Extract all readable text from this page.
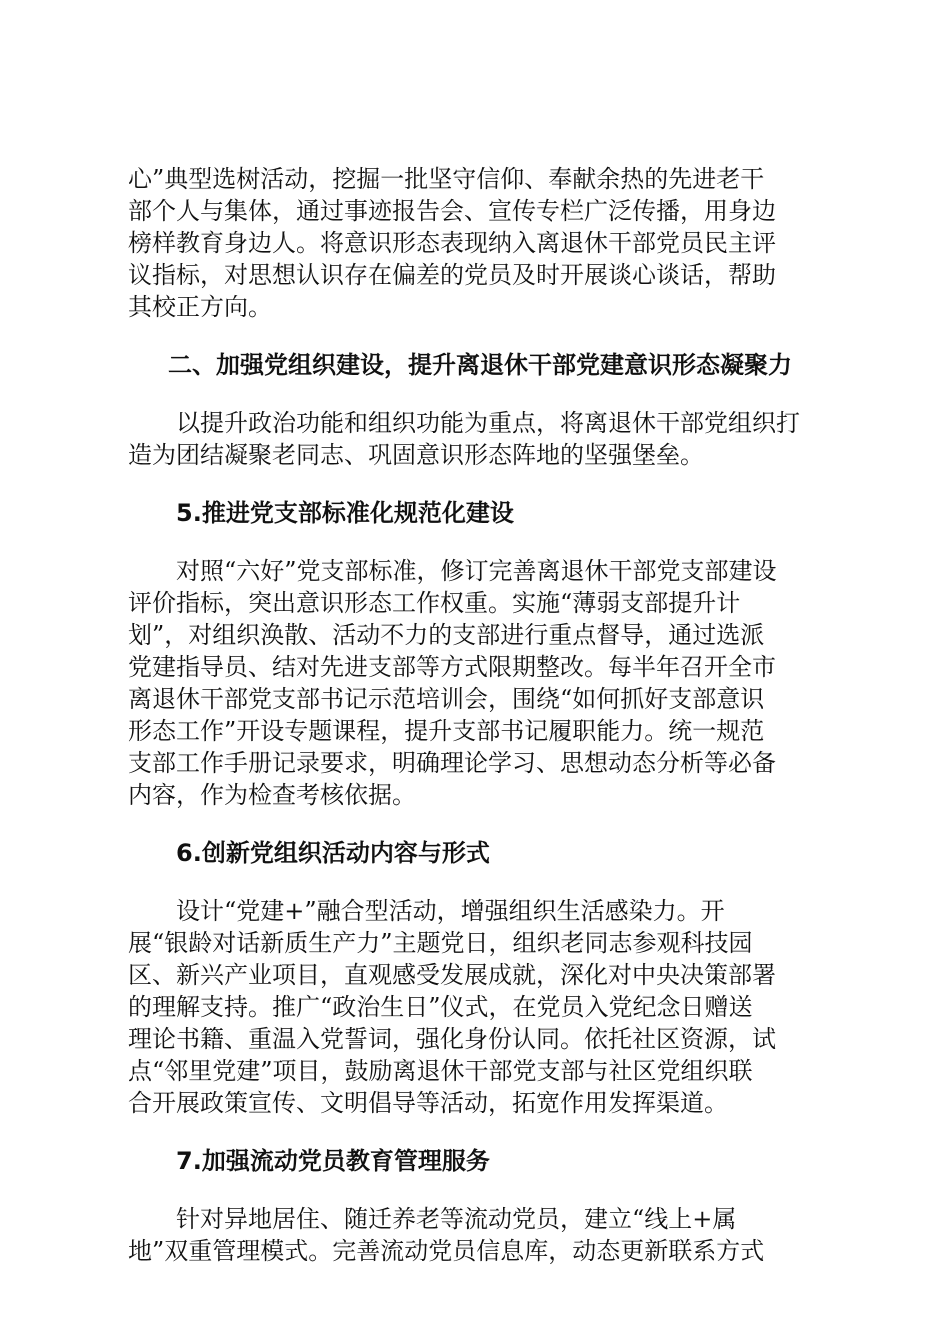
心”典型选树活动，挖掘一批坚守信仰、奉献余热的先进老干
部个人与集体，通过事迹报告会、宣传专栏广泛传播，用身边
榜样教育身边人。将意识形态表现纳入离退休干部党员民主评
议指标，对思想认识存在偏差的党员及时开展谈心谈话，帮助
其校正方向。

二、加强党组织建设，提升离退休干部党建意识形态凝聚力

以提升政治功能和组织功能为重点，将离退休干部党组织打
造为团结凝聚老同志、巩固意识形态阵地的坚强堡垒。

5.推进党支部标准化规范化建设

对照“六好”党支部标准，修订完善离退休干部党支部建设
评价指标，突出意识形态工作权重。实施“薄弱支部提升计
划”，对组织涣散、活动不力的支部进行重点督导，通过选派
党建指导员、结对先进支部等方式限期整改。每半年召开全市
离退休干部党支部书记示范培训会，围绕“如何抓好支部意识
形态工作”开设专题课程，提升支部书记履职能力。统一规范
支部工作手册记录要求，明确理论学习、思想动态分析等必备
内容，作为检查考核依据。

6.创新党组织活动内容与形式

设计“党建+”融合型活动，增强组织生活感染力。开
展“银龄对话新质生产力”主题党日，组织老同志参观科技园
区、新兴产业项目，直观感受发展成就，深化对中央决策部署
的理解支持。推广“政治生日”仪式，在党员入党纪念日赠送
理论书籍、重温入党誓词，强化身份认同。依托社区资源，试
点“邻里党建”项目，鼓励离退休干部党支部与社区党组织联
合开展政策宣传、文明倡导等活动，拓宽作用发挥渠道。

7.加强流动党员教育管理服务

针对异地居住、随迁养老等流动党员，建立“线上+属
地”双重管理模式。完善流动党员信息库，动态更新联系方式
